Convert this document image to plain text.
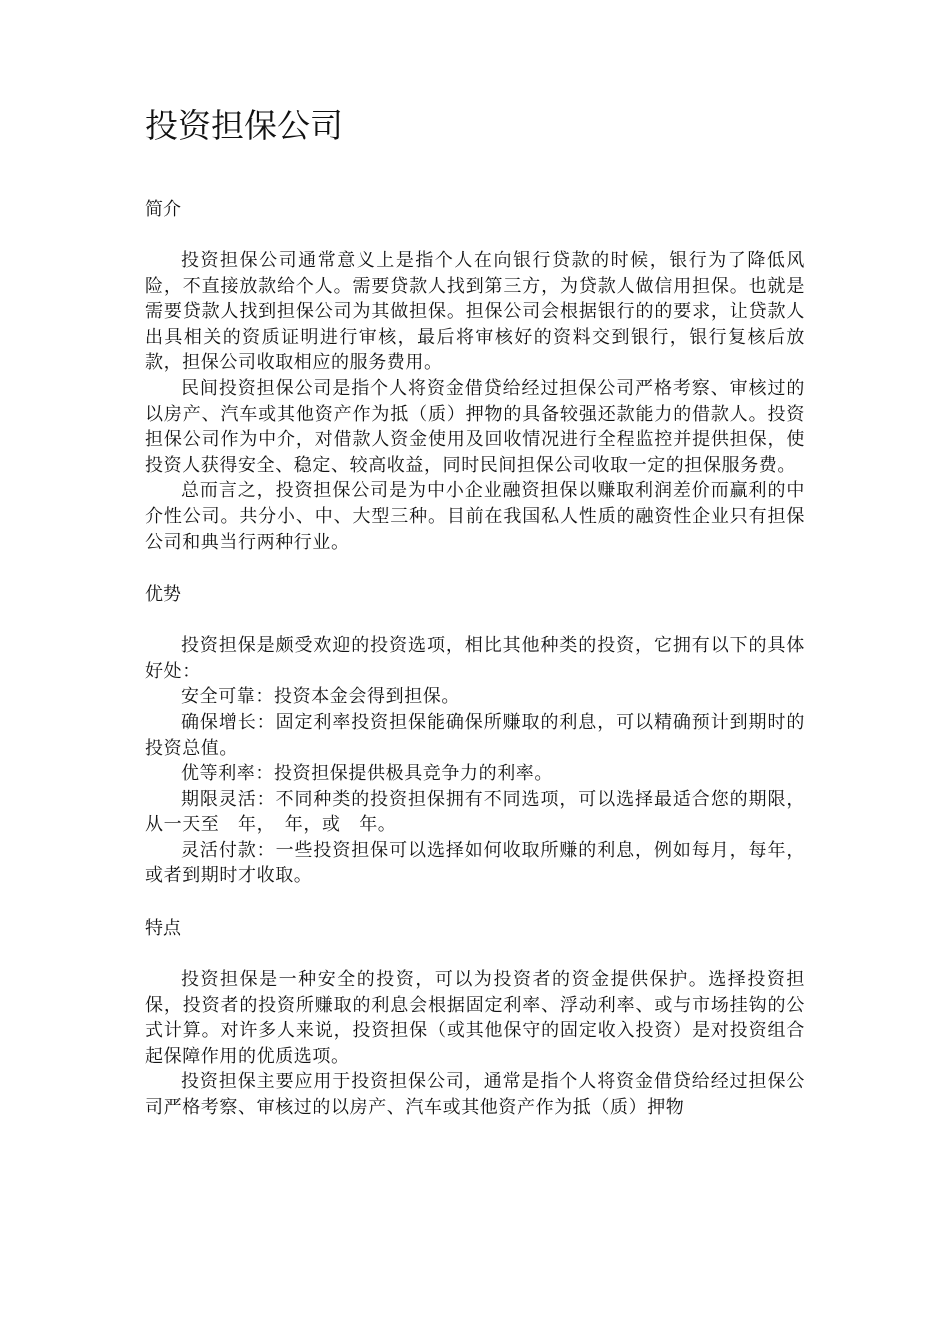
投资担保公司
简介

投资担保公司通常意义上是指个人在向银行贷款的时候，银行为了降低风险，不直接放款给个人。需要贷款人找到第三方，为贷款人做信用担保。也就是需要贷款人找到担保公司为其做担保。担保公司会根据银行的的要求，让贷款人出具相关的资质证明进行审核，最后将审核好的资料交到银行，银行复核后放款，担保公司收取相应的服务费用。

民间投资担保公司是指个人将资金借贷给经过担保公司严格考察、审核过的以房产、汽车或其他资产作为抵（质）押物的具备较强还款能力的借款人。投资担保公司作为中介，对借款人资金使用及回收情况进行全程监控并提供担保，使投资人获得安全、稳定、较高收益，同时民间担保公司收取一定的担保服务费。

总而言之，投资担保公司是为中小企业融资担保以赚取利润差价而赢利的中介性公司。共分小、中、大型三种。目前在我国私人性质的融资性企业只有担保公司和典当行两种行业。

优势

投资担保是颇受欢迎的投资选项，相比其他种类的投资，它拥有以下的具体好处：

安全可靠：投资本金会得到担保。

确保增长：固定利率投资担保能确保所赚取的利息，可以精确预计到期时的投资总值。

优等利率：投资担保提供极具竞争力的利率。

期限灵活：不同种类的投资担保拥有不同选项，可以选择最适合您的期限，从一天至　年，　年，或　年。

灵活付款：一些投资担保可以选择如何收取所赚的利息，例如每月，每年，或者到期时才收取。

特点

投资担保是一种安全的投资，可以为投资者的资金提供保护。选择投资担保，投资者的投资所赚取的利息会根据固定利率、浮动利率、或与市场挂钩的公式计算。对许多人来说，投资担保（或其他保守的固定收入投资）是对投资组合起保障作用的优质选项。

投资担保主要应用于投资担保公司，通常是指个人将资金借贷给经过担保公司严格考察、审核过的以房产、汽车或其他资产作为抵（质）押物
